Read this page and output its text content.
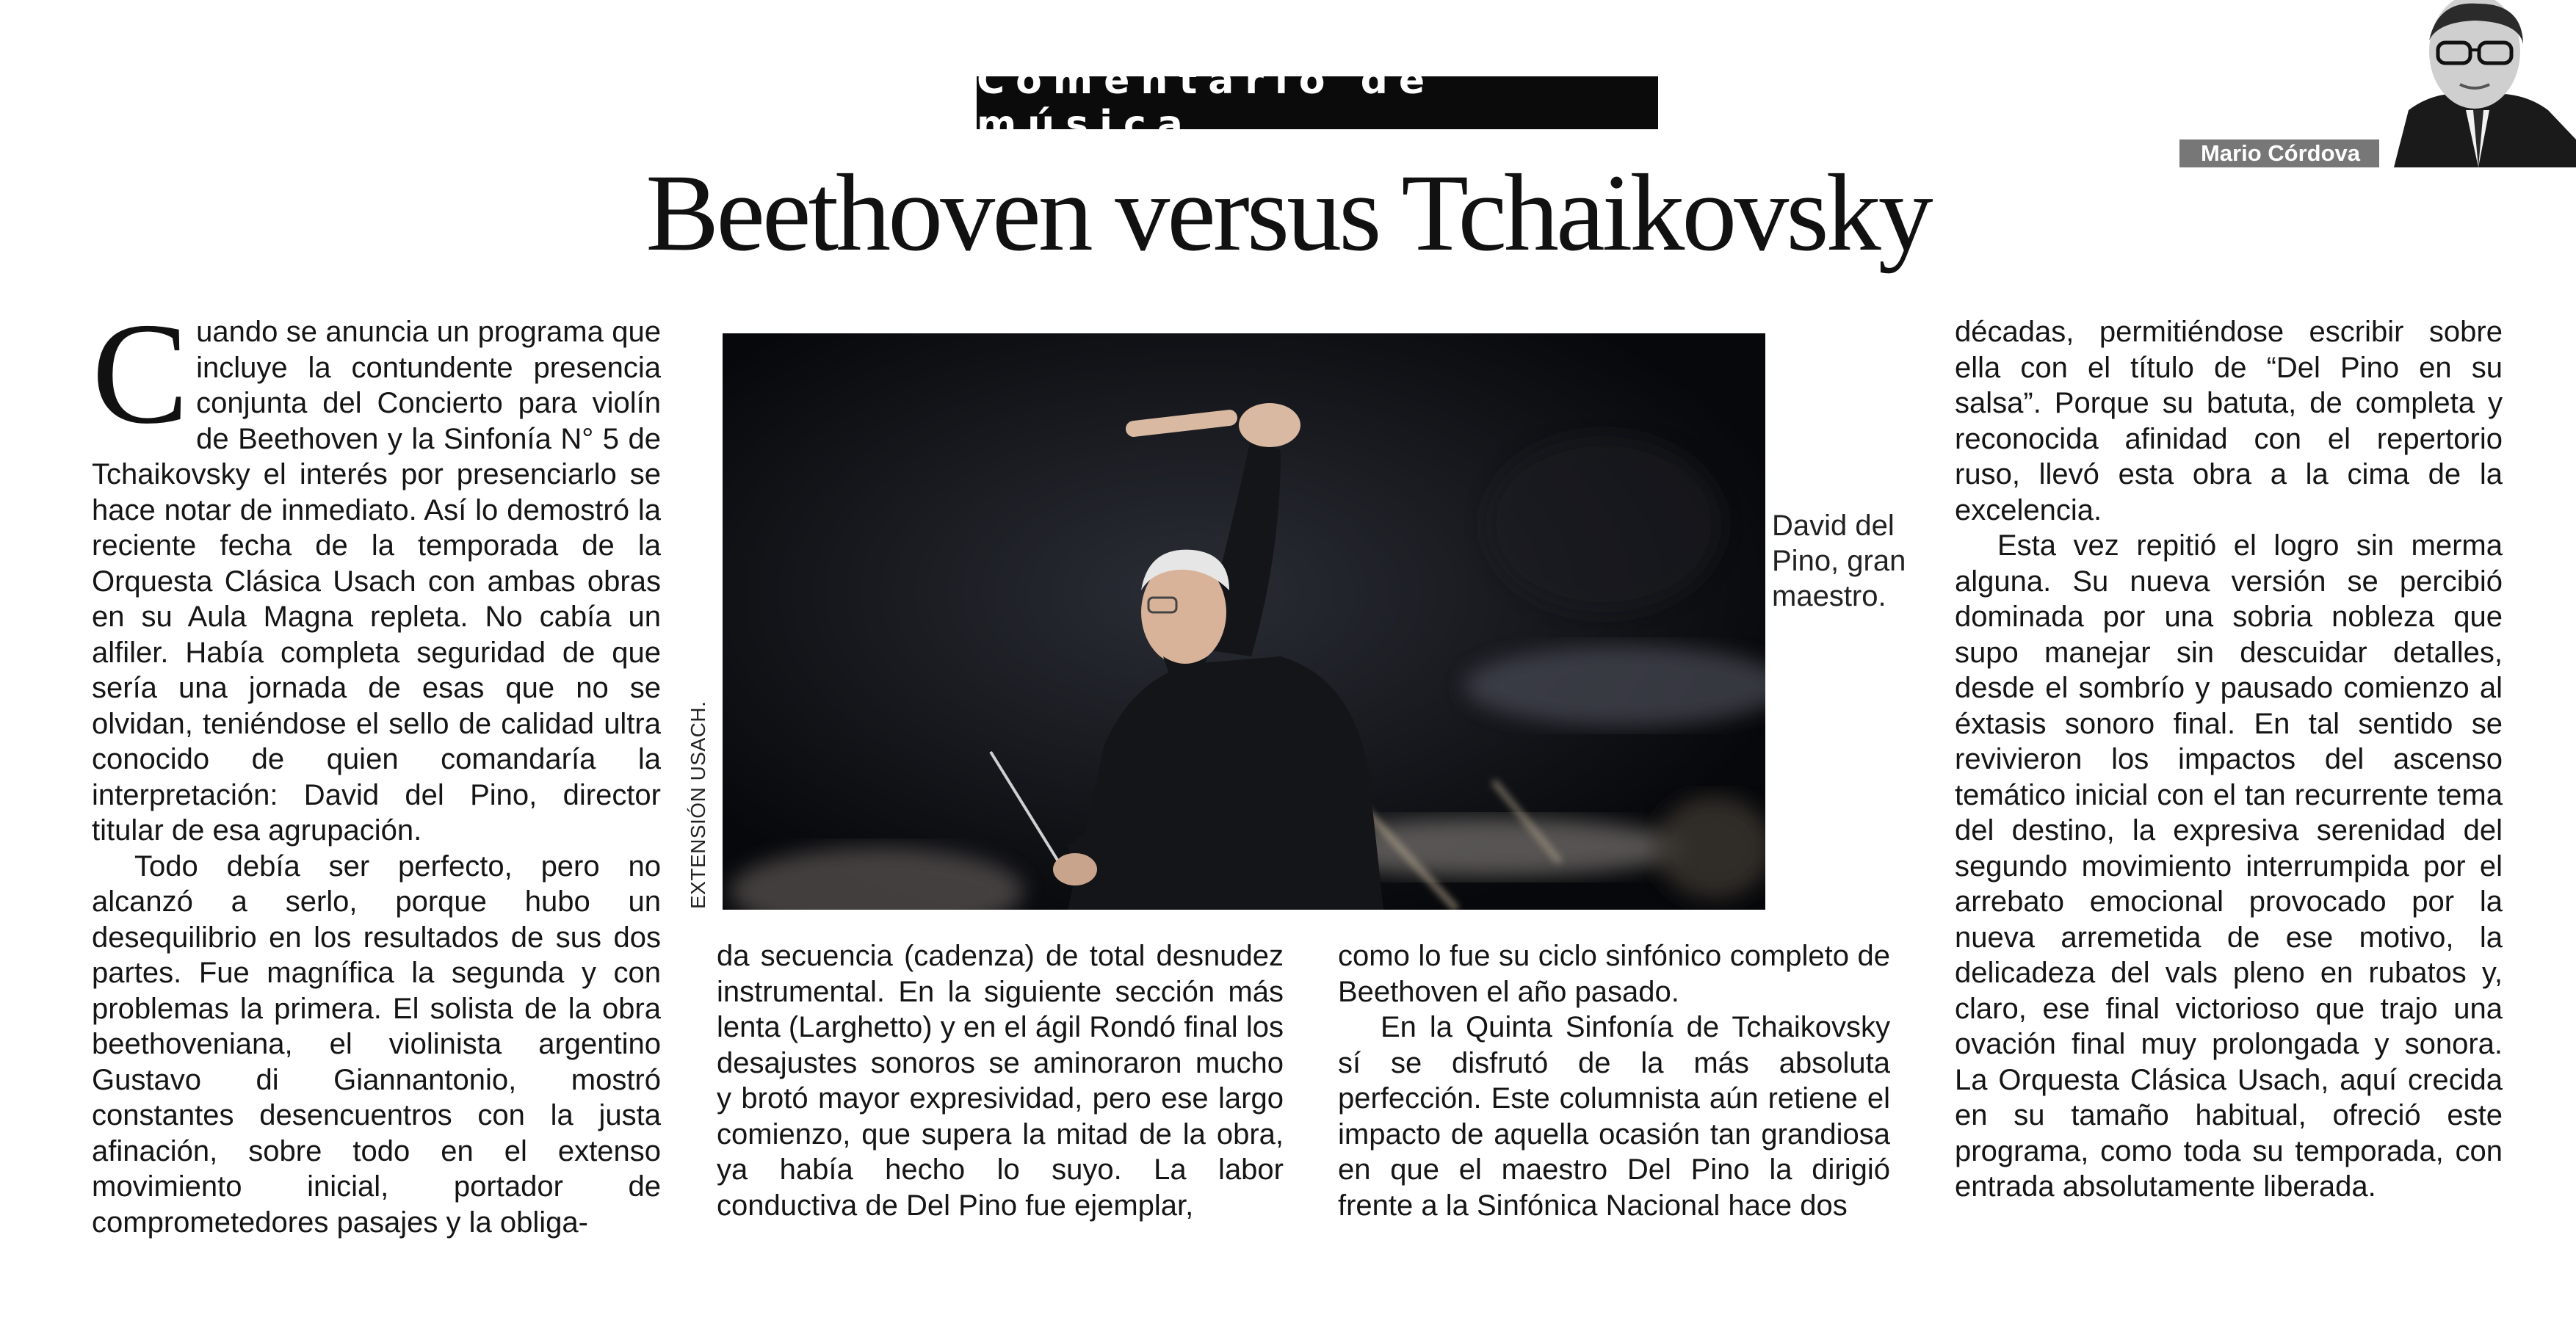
Comentario de música
Mario Córdova
Beethoven versus Tchaikovsky
C uando se anuncia un programa que incluye la contundente presencia conjunta del Concierto para violín de Beethoven y la Sinfonía N° 5 de Tchaikovsky el interés por presenciarlo se hace notar de inmediato. Así lo demostró la reciente fecha de la temporada de la Orquesta Clásica Usach con ambas obras en su Aula Magna repleta. No cabía un alfiler. Había completa seguridad de que sería una jornada de esas que no se olvidan, teniéndose el sello de calidad ultra conocido de quien comandaría la interpretación: David del Pino, director titular de esa agrupación.

Todo debía ser perfecto, pero no alcanzó a serlo, porque hubo un desequilibrio en los resultados de sus dos partes. Fue magnífica la segunda y con problemas la primera. El solista de la obra beethoveniana, el violinista argentino Gustavo di Giannantonio, mostró constantes desencuentros con la justa afinación, sobre todo en el extenso movimiento inicial, portador de comprometedores pasajes y la obliga-

EXTENSIÓN USACH.
David del Pino, gran maestro.

da secuencia (cadenza) de total desnudez instrumental. En la siguiente sección más lenta (Larghetto) y en el ágil Rondó final los desajustes sonoros se aminoraron mucho y brotó mayor expresividad, pero ese largo comienzo, que supera la mitad de la obra, ya había hecho lo suyo. La labor conductiva de Del Pino fue ejemplar,

como lo fue su ciclo sinfónico completo de Beethoven el año pasado.

En la Quinta Sinfonía de Tchaikovsky sí se disfrutó de la más absoluta perfección. Este columnista aún retiene el impacto de aquella ocasión tan grandiosa en que el maestro Del Pino la dirigió frente a la Sinfónica Nacional hace dos

décadas, permitiéndose escribir sobre ella con el título de “Del Pino en su salsa”. Porque su batuta, de completa y reconocida afinidad con el repertorio ruso, llevó esta obra a la cima de la excelencia.

Esta vez repitió el logro sin merma alguna. Su nueva versión se percibió dominada por una sobria nobleza que supo manejar sin descuidar detalles, desde el sombrío y pausado comienzo al éxtasis sonoro final. En tal sentido se revivieron los impactos del ascenso temático inicial con el tan recurrente tema del destino, la expresiva serenidad del segundo movimiento interrumpida por el arrebato emocional provocado por la nueva arremetida de ese motivo, la delicadeza del vals pleno en rubatos y, claro, ese final victorioso que trajo una ovación final muy prolongada y sonora. La Orquesta Clásica Usach, aquí crecida en su tamaño habitual, ofreció este programa, como toda su temporada, con entrada absolutamente liberada.
